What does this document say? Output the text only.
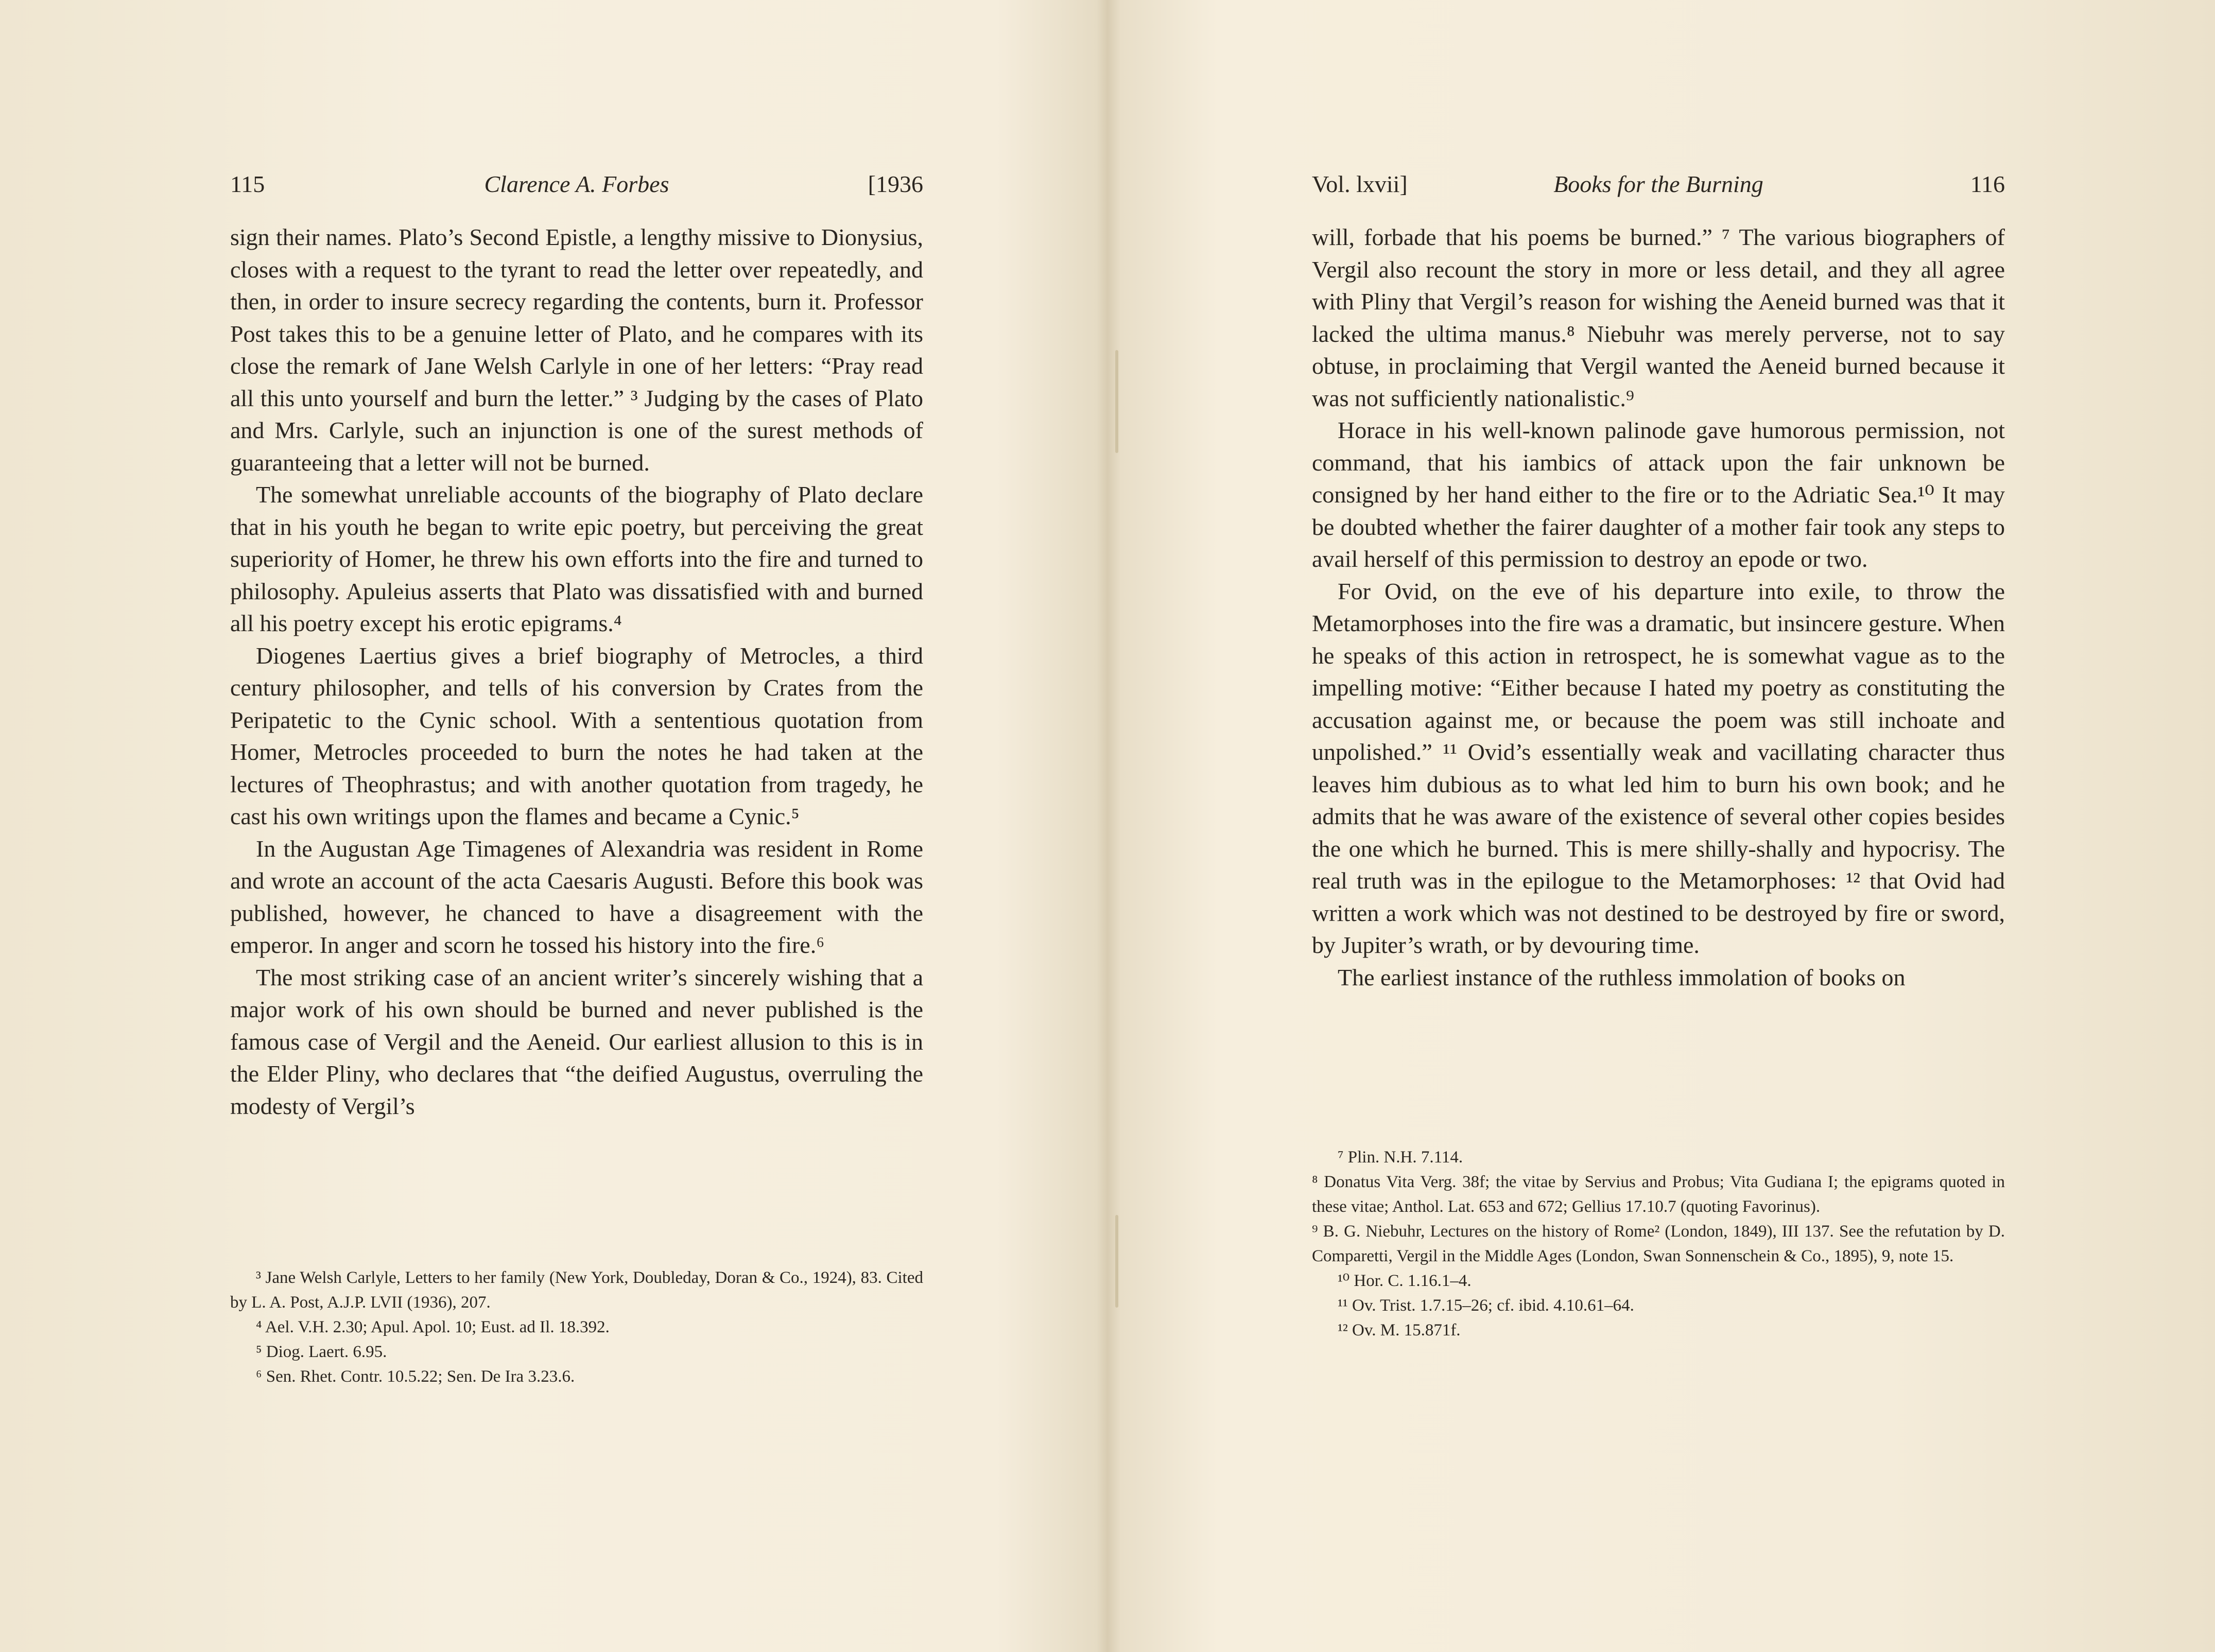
115	Clarence A. Forbes	[1936

sign their names. Plato’s Second Epistle, a lengthy missive to Dionysius, closes with a request to the tyrant to read the letter over repeatedly, and then, in order to insure secrecy regarding the contents, burn it. Professor Post takes this to be a genuine letter of Plato, and he compares with its close the remark of Jane Welsh Carlyle in one of her letters: “Pray read all this unto yourself and burn the letter.” ³ Judging by the cases of Plato and Mrs. Carlyle, such an injunction is one of the surest methods of guaranteeing that a letter will not be burned.

The somewhat unreliable accounts of the biography of Plato declare that in his youth he began to write epic poetry, but perceiving the great superiority of Homer, he threw his own efforts into the fire and turned to philosophy. Apuleius asserts that Plato was dissatisfied with and burned all his poetry except his erotic epigrams.⁴

Diogenes Laertius gives a brief biography of Metrocles, a third century philosopher, and tells of his conversion by Crates from the Peripatetic to the Cynic school. With a sententious quotation from Homer, Metrocles proceeded to burn the notes he had taken at the lectures of Theophrastus; and with another quotation from tragedy, he cast his own writings upon the flames and became a Cynic.⁵

In the Augustan Age Timagenes of Alexandria was resident in Rome and wrote an account of the acta Caesaris Augusti. Before this book was published, however, he chanced to have a disagreement with the emperor. In anger and scorn he tossed his history into the fire.⁶

The most striking case of an ancient writer’s sincerely wishing that a major work of his own should be burned and never published is the famous case of Vergil and the Aeneid. Our earliest allusion to this is in the Elder Pliny, who declares that “the deified Augustus, overruling the modesty of Vergil’s

³ Jane Welsh Carlyle, Letters to her family (New York, Doubleday, Doran & Co., 1924), 83. Cited by L. A. Post, A.J.P. LVII (1936), 207.

⁴ Ael. V.H. 2.30; Apul. Apol. 10; Eust. ad Il. 18.392.

⁵ Diog. Laert. 6.95.

⁶ Sen. Rhet. Contr. 10.5.22; Sen. De Ira 3.23.6.

Vol. lxvii]	Books for the Burning	116

will, forbade that his poems be burned.” ⁷ The various biographers of Vergil also recount the story in more or less detail, and they all agree with Pliny that Vergil’s reason for wishing the Aeneid burned was that it lacked the ultima manus.⁸ Niebuhr was merely perverse, not to say obtuse, in proclaiming that Vergil wanted the Aeneid burned because it was not sufficiently nationalistic.⁹

Horace in his well-known palinode gave humorous permission, not command, that his iambics of attack upon the fair unknown be consigned by her hand either to the fire or to the Adriatic Sea.¹⁰ It may be doubted whether the fairer daughter of a mother fair took any steps to avail herself of this permission to destroy an epode or two.

For Ovid, on the eve of his departure into exile, to throw the Metamorphoses into the fire was a dramatic, but insincere gesture. When he speaks of this action in retrospect, he is somewhat vague as to the impelling motive: “Either because I hated my poetry as constituting the accusation against me, or because the poem was still inchoate and unpolished.” ¹¹ Ovid’s essentially weak and vacillating character thus leaves him dubious as to what led him to burn his own book; and he admits that he was aware of the existence of several other copies besides the one which he burned. This is mere shilly-shally and hypocrisy. The real truth was in the epilogue to the Metamorphoses: ¹² that Ovid had written a work which was not destined to be destroyed by fire or sword, by Jupiter’s wrath, or by devouring time.

The earliest instance of the ruthless immolation of books on

⁷ Plin. N.H. 7.114.

⁸ Donatus Vita Verg. 38f; the vitae by Servius and Probus; Vita Gudiana I; the epigrams quoted in these vitae; Anthol. Lat. 653 and 672; Gellius 17.10.7 (quoting Favorinus).

⁹ B. G. Niebuhr, Lectures on the history of Rome² (London, 1849), III 137. See the refutation by D. Comparetti, Vergil in the Middle Ages (London, Swan Sonnenschein & Co., 1895), 9, note 15.

¹⁰ Hor. C. 1.16.1–4.

¹¹ Ov. Trist. 1.7.15–26; cf. ibid. 4.10.61–64.

¹² Ov. M. 15.871f.
